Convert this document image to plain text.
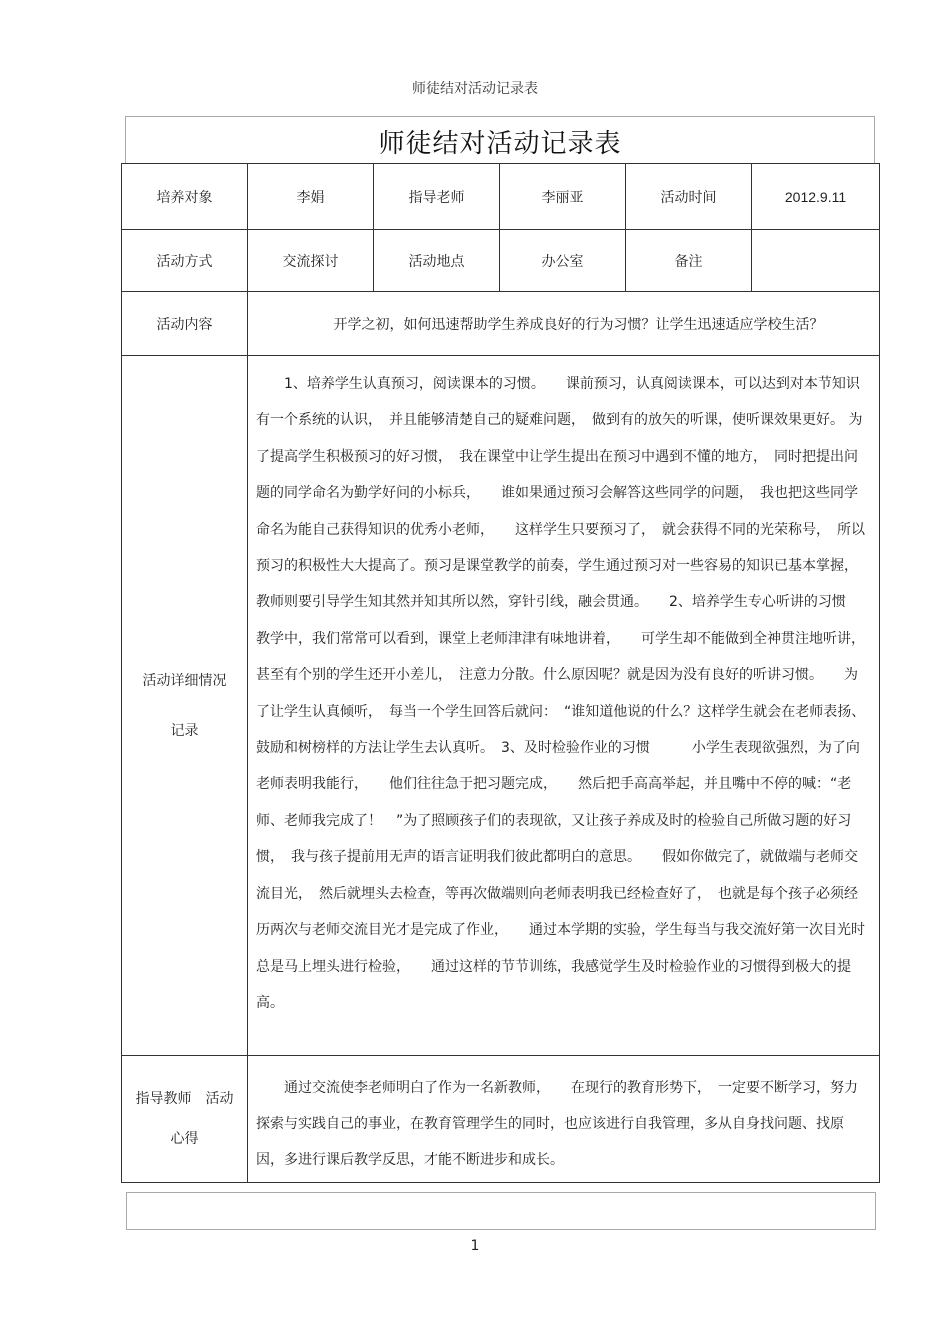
师徒结对活动记录表
师徒结对活动记录表
培养对象	李娟	指导老师	李丽亚	活动时间	2012.9.11
活动方式	交流探讨	活动地点	办公室	备注	
活动内容	开学之初，如何迅速帮助学生养成良好的行为习惯？让学生迅速适应学校生活？				

活动详细情况
记录	1、培养学生认真预习，阅读课本的习惯。　　课前预习，认真阅读课本，可以达到对本节知识有一个系统的认识，　并且能够清楚自己的疑难问题，　做到有的放矢的听课，使听课效果更好。 为了提高学生积极预习的好习惯，　我在课堂中让学生提出在预习中遇到不懂的地方，　同时把提出问题的同学命名为勤学好问的小标兵，　　谁如果通过预习会解答这些同学的问题，　我也把这些同学命名为能自己获得知识的优秀小老师，　　这样学生只要预习了，　就会获得不同的光荣称号，　所以预习的积极性大大提高了。预习是课堂教学的前奏，学生通过预习对一些容易的知识已基本掌握，　　教师则要引导学生知其然并知其所以然，穿针引线，融会贯通。　　2、培养学生专心听讲的习惯　　教学中，我们常常可以看到，课堂上老师津津有味地讲着，　　可学生却不能做到全神贯注地听讲，甚至有个别的学生还开小差儿，　注意力分散。什么原因呢？就是因为没有良好的听讲习惯。　　为了让学生认真倾听，　每当一个学生回答后就问：　“谁知道他说的什么？这样学生就会在老师表扬、鼓励和树榜样的方法让学生去认真听。　3、及时检验作业的习惯　　　小学生表现欲强烈，为了向老师表明我能行，　　他们往往急于把习题完成，　　然后把手高高举起，并且嘴中不停的喊：“老师、老师我完成了！　”为了照顾孩子们的表现欲，又让孩子养成及时的检验自己所做习题的好习惯，　我与孩子提前用无声的语言证明我们彼此都明白的意思。　　假如你做完了，就做端与老师交流目光，　然后就埋头去检查，等再次做端则向老师表明我已经检查好了，　也就是每个孩子必须经历两次与老师交流目光才是完成了作业，　　通过本学期的实验，学生每当与我交流好第一次目光时总是马上埋头进行检验，　　通过这样的节节训练，我感觉学生及时检验作业的习惯得到极大的提高。				

指导教师　活动
心得	通过交流使李老师明白了作为一名新教师，　　在现行的教育形势下，　一定要不断学习，努力探索与实践自己的事业，在教育管理学生的同时，也应该进行自我管理，多从自身找问题、找原因，多进行课后教学反思，才能不断进步和成长。				

1
